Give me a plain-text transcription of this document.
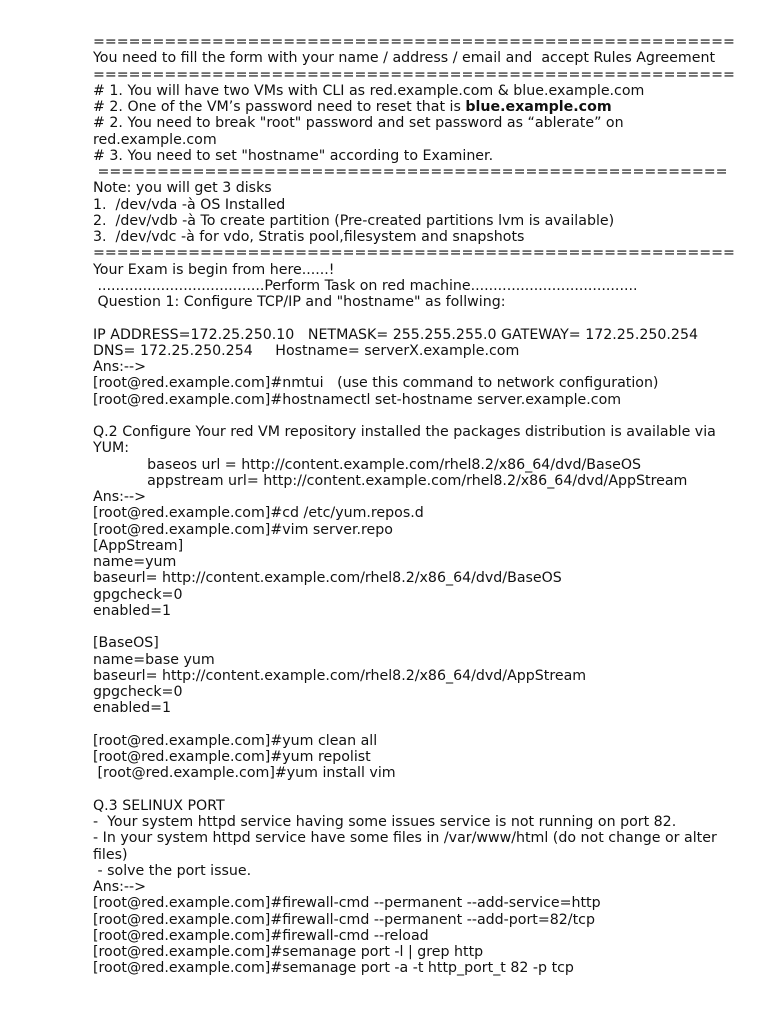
======================================================
You need to fill the form with your name / address / email and  accept Rules Agreement
======================================================
# 1. You will have two VMs with CLI as red.example.com & blue.example.com
# 2. One of the VM’s password need to reset that is blue.example.com
# 2. You need to break "root" password and set password as “ablerate” on
red.example.com
# 3. You need to set "hostname" according to Examiner.
=====================================================
Note: you will get 3 disks
1.  /dev/vda -à OS Installed
2.  /dev/vdb -à To create partition (Pre-created partitions lvm is available)
3.  /dev/vdc -à for vdo, Stratis pool,filesystem and snapshots
======================================================
Your Exam is begin from here......!
.....................................Perform Task on red machine.....................................
Question 1: Configure TCP/IP and "hostname" as follwing:
IP ADDRESS=172.25.250.10   NETMASK= 255.255.255.0 GATEWAY= 172.25.250.254
DNS= 172.25.250.254     Hostname= serverX.example.com
Ans:-->
[root@red.example.com]#nmtui   (use this command to network configuration)
[root@red.example.com]#hostnamectl set-hostname server.example.com
Q.2 Configure Your red VM repository installed the packages distribution is available via
YUM:
baseos url = http://content.example.com/rhel8.2/x86_64/dvd/BaseOS
appstream url= http://content.example.com/rhel8.2/x86_64/dvd/AppStream
Ans:-->
[root@red.example.com]#cd /etc/yum.repos.d
[root@red.example.com]#vim server.repo
[AppStream]
name=yum
baseurl= http://content.example.com/rhel8.2/x86_64/dvd/BaseOS
gpgcheck=0
enabled=1
[BaseOS]
name=base yum
baseurl= http://content.example.com/rhel8.2/x86_64/dvd/AppStream
gpgcheck=0
enabled=1
[root@red.example.com]#yum clean all
[root@red.example.com]#yum repolist
[root@red.example.com]#yum install vim
Q.3 SELINUX PORT
-  Your system httpd service having some issues service is not running on port 82.
- In your system httpd service have some files in /var/www/html (do not change or alter
files)
- solve the port issue.
Ans:-->
[root@red.example.com]#firewall-cmd --permanent --add-service=http
[root@red.example.com]#firewall-cmd --permanent --add-port=82/tcp
[root@red.example.com]#firewall-cmd --reload
[root@red.example.com]#semanage port -l | grep http
[root@red.example.com]#semanage port -a -t http_port_t 82 -p tcp
